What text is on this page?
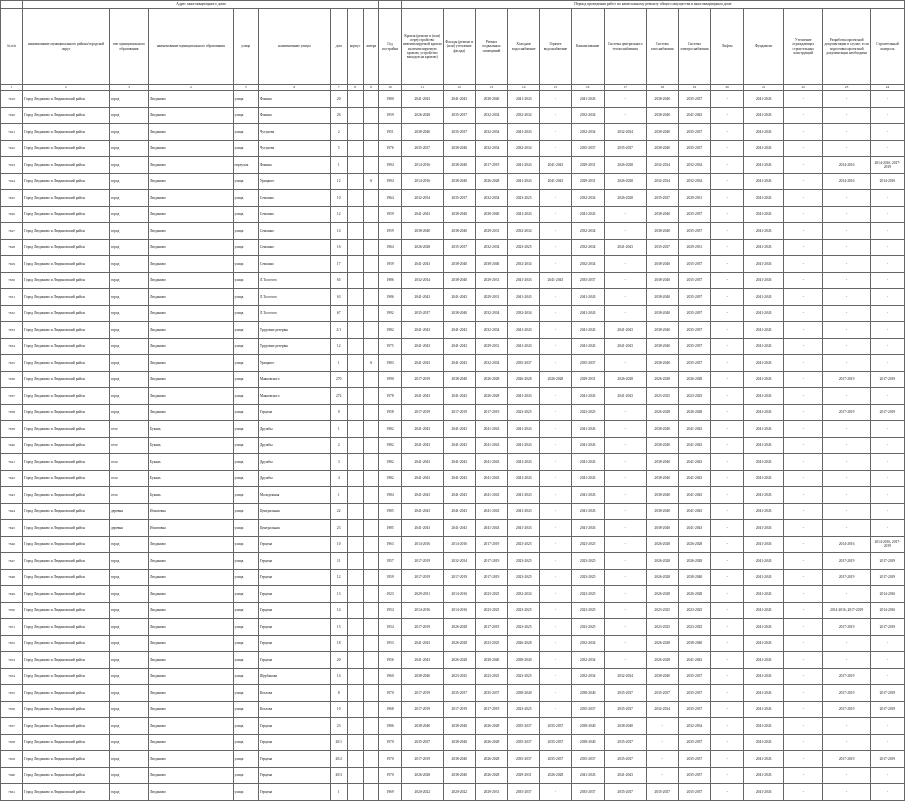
	Адрес многоквартирного дома									Период проведения работ по капитальному ремонту общего имущества в многоквартирном доме													
№ п/п	наименование муниципального района/городской округ	тип муниципального образования	наименование муниципального образования	улица	наименование улицы	дом	корпус	литера	Год постройки	Кровля (ремонт и (или) переустройство невентилируемой кровли на вентилируемую кровлю, устройство выходов на кровлю)	Фасады (ремонт и (или) утепление фасада)	Ремонт подвальных помещений	Холодное водоснабжение	Горячее водоснабжение	Канализование	Система центрального теплоснабжения	Система газоснабжения	Система электроснабжения	Лифты	Фундамент	Утепление ограждающих строительных конструкций	Разработка проектной документации в случае, если подготовка проектной документации необходима	Строительный контроль
1	2	3	4	5	6	7	8	9	10	11	12	13	14	15	16	17	18	19	20	21	22	23	24
7619	Город Людиново и Людиновский район	город	Людиново	улица	Фокина	20			1980	2041-2043	2041-2043	2038-2040	2041-2043	-	2041-2043	-	2038-2040	2035-2037	-	2041-2043	-	-	-
7620	Город Людиново и Людиновский район	город	Людиново	улица	Фокина	26			1959	2026-2028	2035-2037	2032-2034	2032-2034	-	2032-2034	-	2038-2040	2041-2043	-	2041-2043	-	-	-
7621	Город Людиново и Людиновский район	город	Людиново	улица	Чугунова	2			1951	2038-2040	2035-2037	2032-2034	2041-2043	-	2032-2034	2032-2034	2038-2040	2035-2037	-	2041-2043	-	-	-
7622	Город Людиново и Людиновский район	город	Людиново	улица	Чугунова	5			1976	2035-2037	2038-2040	2032-2034	2032-2034	-	2035-2037	2035-2037	2038-2040	2035-2037	-	2041-2043	-	-	-
7623	Город Людиново и Людиновский район	город	Людиново	переулок	Фокина	1			1994	2014-2016	2038-2040	2017-2019	2041-2043	2041-2043	2029-2031	2026-2028	2032-2034	2032-2034	-	2041-2043	-	2014-2016	2014-2016, 2017-2019
7624	Город Людиново и Людиновский район	город	Людиново	улица	Урицкого	12		А	1994	2014-2016	2038-2040	2026-2028	2041-2043	2041-2043	2029-2031	2026-2028	2032-2034	2032-2034	-	2041-2043	-	2014-2016	2014-2016
7625	Город Людиново и Людиновский район	город	Людиново	улица	Семашко	10			1964	2032-2034	2035-2037	2032-2034	2023-2025	-	2032-2034	2026-2028	2035-2037	2029-2031	-	2041-2043	-	-	-
7626	Город Людиново и Людиновский район	город	Людиново	улица	Семашко	12			1959	2041-2043	2038-2040	2038-2040	2041-2043	-	2041-2043	-	2038-2040	2035-2037	-	2041-2043	-	-	-
7627	Город Людиново и Людиновский район	город	Людиново	улица	Семашко	14			1959	2038-2040	2038-2040	2029-2031	2032-2034	-	2032-2034	-	2038-2040	2035-2037	-	2041-2043	-	-	-
7628	Город Людиново и Людиновский район	город	Людиново	улица	Семашко	16			1964	2026-2028	2035-2037	2032-2034	2023-2025	-	2032-2034	2041-2043	2035-2037	2029-2031	-	2041-2043	-	-	-
7629	Город Людиново и Людиновский район	город	Людиново	улица	Семашко	17			1959	2041-2043	2038-2040	2038-2040	2032-2034	-	2032-2034	-	2038-2040	2035-2037	-	2041-2043	-	-	-
7630	Город Людиново и Людиновский район	город	Людиново	улица	Л.Толстого	65			1986	2032-2034	2038-2040	2029-2031	2041-2043	2041-2043	2035-2037	-	2038-2040	2035-2037	-	2041-2043	-	-	-
7631	Город Людиново и Людиновский район	город	Людиново	улица	Л.Толстого	63			1986	2041-2043	2041-2043	2029-2031	2041-2043	-	2041-2043	-	2038-2040	2035-2037	-	2041-2043	-	-	-
7632	Город Людиново и Людиновский район	город	Людиново	улица	Л.Толстого	67			1992	2035-2037	2038-2040	2032-2034	2032-2034	-	2041-2043	-	2038-2040	2035-2037	-	2041-2043	-	-	-
7633	Город Людиново и Людиновский район	город	Людиново	улица	Трудовые резервы	2/1			1982	2041-2043	2041-2043	2032-2034	2041-2043	-	2041-2043	2041-2043	2038-2040	2035-2037	-	2041-2043	-	-	-
7634	Город Людиново и Людиновский район	город	Людиново	улица	Трудовые резервы	12			1975	2041-2043	2041-2043	2029-2031	2041-2043	-	2041-2043	2041-2043	2038-2040	2035-2037	-	2041-2043	-	-	-
7635	Город Людиново и Людиновский район	город	Людиново	улица	Урицкого	1		А	1983	2041-2043	2041-2043	2032-2034	2035-2037	-	2035-2037	-	2038-2040	2035-2037	-	2041-2043	-	-	-
7636	Город Людиново и Людиновский район	город	Людиново	улица	Маяковского	270			1990	2017-2019	2038-2040	2026-2028	2026-2028	2026-2028	2029-2031	2026-2028	2026-2028	2026-2028	-	2041-2043	-	2017-2019	2017-2019
7637	Город Людиново и Людиновский район	город	Людиново	улица	Маяковского	272			1978	2041-2043	2041-2043	2026-2028	2041-2043	-	2041-2043	2041-2043	2023-2025	2023-2025	-	2041-2043	-	-	-
7638	Город Людиново и Людиновский район	город	Людиново	улица	Герцена	9			1958	2017-2019	2017-2019	2017-2019	2023-2025	-	2023-2025	-	2026-2028	2026-2028	-	2041-2043	-	2017-2019	2017-2019
7639	Город Людиново и Людиновский район	село	Букань	улица	Дружбы	1			1982	2041-2043	2041-2043	2041-2043	2041-2043	-	2041-2043	-	2038-2040	2041-2043	-	2041-2043	-	-	-
7640	Город Людиново и Людиновский район	село	Букань	улица	Дружбы	2			1982	2041-2043	2041-2043	2041-2043	2041-2043	-	2041-2043	-	2038-2040	2041-2043	-	2041-2043	-	-	-
7641	Город Людиново и Людиновский район	село	Букань	улица	Дружбы	3			1982	2041-2043	2041-2043	2041-2043	2041-2043	-	2041-2043	-	2038-2040	2041-2043	-	2041-2043	-	-	-
7642	Город Людиново и Людиновский район	село	Букань	улица	Дружбы	4			1982	2041-2043	2041-2043	2041-2043	2041-2043	-	2041-2043	-	2038-2040	2041-2043	-	2041-2043	-	-	-
7643	Город Людиново и Людиновский район	село	Букань	улица	Молодежная	1			1984	2041-2043	2041-2043	2041-2043	2041-2043	-	2041-2043	-	2038-2040	2041-2043	-	2041-2043	-	-	-
7644	Город Людиново и Людиновский район	деревня	Игнатовка	улица	Центральная	22			1985	2041-2043	2041-2043	2041-2043	2041-2043	-	2041-2043	-	2038-2040	2041-2043	-	2041-2043	-	-	-
7645	Город Людиново и Людиновский район	деревня	Игнатовка	улица	Центральная	23			1985	2041-2043	2041-2043	2041-2043	2041-2043	-	2041-2043	-	2038-2040	2041-2043	-	2041-2043	-	-	-
7646	Город Людиново и Людиновский район	город	Людиново	улица	Герцена	10			1963	2014-2016	2014-2016	2017-2019	2023-2025	-	2023-2025	-	2026-2028	2026-2028	-	2041-2043	-	2014-2016	2014-2016, 2017-2019
7647	Город Людиново и Людиновский район	город	Людиново	улица	Герцена	11			1957	2017-2019	2032-2034	2017-2019	2023-2025	-	2023-2025	-	2026-2028	2026-2028	-	2041-2043	-	2017-2019	2017-2019
7648	Город Людиново и Людиновский район	город	Людиново	улица	Герцена	12			1959	2017-2019	2017-2019	2017-2019	2023-2025	-	2023-2025	-	2026-2028	2038-2040	-	2041-2043	-	2017-2019	2017-2019
7649	Город Людиново и Людиновский район	город	Людиново	улица	Герцена	13			1923	2029-2031	2014-2016	2023-2025	2032-2034	-	2023-2025	-	2026-2028	2026-2028	-	2041-2043	-	-	2014-2016
7650	Город Людиново и Людиновский район	город	Людиново	улица	Герцена	14			1954	2014-2016	2014-2016	2023-2025	2023-2025	-	2023-2025	-	2023-2025	2023-2025	-	2041-2043	-	2014-2016, 2017-2019	2014-2016
7651	Город Людиново и Людиновский район	город	Людиново	улица	Герцена	15			1954	2017-2019	2026-2028	2017-2019	2023-2025	-	2023-2025	-	2023-2025	2023-2025	-	2041-2043	-	2017-2019	2017-2019
7652	Город Людиново и Людиновский район	город	Людиново	улица	Герцена	18			1953	2041-2043	2026-2028	2023-2025	2026-2028	-	2032-2034	-	2026-2028	2038-2040	-	2041-2043	-	-	-
7653	Город Людиново и Людиновский район	город	Людиново	улица	Герцена	20			1956	2041-2043	2026-2028	2038-2040	2038-2040	-	2032-2034	-	2026-2028	2041-2043	-	2041-2043	-	-	-
7654	Город Людиново и Людиновский район	город	Людиново	улица	Щербакова	14			1960	2038-2040	2023-2025	2023-2025	2023-2025	-	2032-2034	2032-2034	2038-2040	2035-2037	-	2041-2043	-	2017-2019	-
7655	Город Людиново и Людиновский район	город	Людиново	улица	Козлова	8			1970	2017-2019	2035-2037	2035-2037	2038-2040	-	2038-2040	2035-2037	2035-2037	2035-2037	-	2041-2043	-	2017-2019	2017-2019
7656	Город Людиново и Людиновский район	город	Людиново	улица	Козлова	10			1968	2017-2019	2017-2019	2017-2019	2023-2025	-	2035-2037	2035-2037	2032-2034	2035-2037	-	2041-2043	-	2017-2019	2017-2019
7657	Город Людиново и Людиновский район	город	Людиново	улица	Герцена	23			1986	2038-2040	2038-2040	2026-2028	2035-2037	2035-2037	2038-2040	2038-2040	-	2032-2034	-	2041-2043	-	-	-
7658	Город Людиново и Людиновский район	город	Людиново	улица	Герцена	20/1			1970	2035-2037	2038-2040	2026-2028	2035-2037	2035-2037	2038-2040	2035-2037	-	2035-2037	-	2041-2043	-	-	-
7659	Город Людиново и Людиновский район	город	Людиново	улица	Герцена	20/2			1970	2017-2019	2038-2040	2026-2028	2035-2037	2035-2037	2035-2037	2035-2037	-	2035-2037	-	2041-2043	-	2017-2019	2017-2019
7660	Город Людиново и Людиновский район	город	Людиново	улица	Герцена	20/3			1970	2026-2028	2038-2040	2026-2028	2029-2031	2026-2028	2041-2043	2041-2043	-	2035-2037	-	2041-2043	-	-	-
7661	Город Людиново и Людиновский район	город	Людиново	улица	Герцена	1			1969	2020-2022	2020-2022	2029-2031	2035-2037	-	2035-2037	2035-2037	2035-2037	2035-2037	-	2041-2043	-	-	-
